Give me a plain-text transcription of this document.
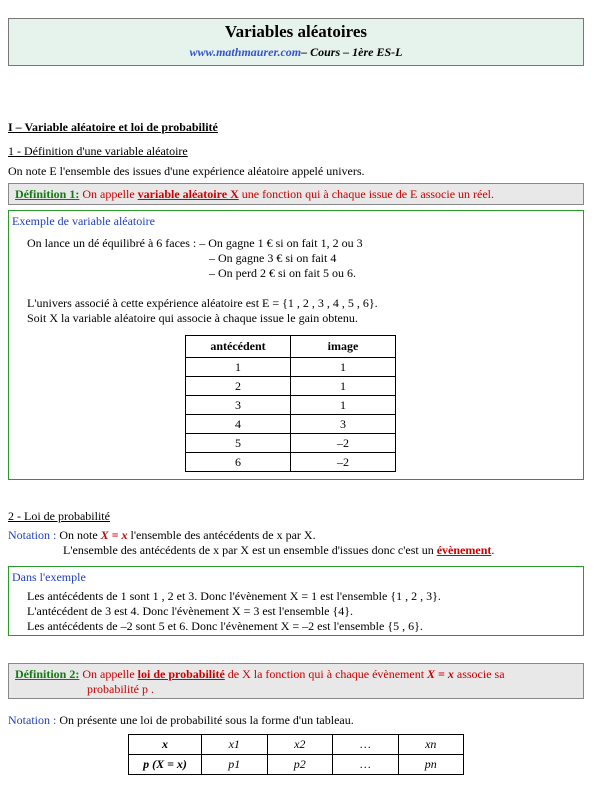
Variables aléatoires
www.mathmaurer.com– Cours – 1ère ES-L
I – Variable aléatoire et loi de probabilité
1 - Définition d'une variable aléatoire
On note E l'ensemble des issues d'une expérience aléatoire appelé univers.
Définition 1: On appelle variable aléatoire X une fonction qui à chaque issue de E associe un réel.
Exemple de variable aléatoire
On lance un dé équilibré à 6 faces : – On gagne 1 € si on fait 1, 2 ou 3
– On gagne 3 € si on fait 4
– On perd 2 € si on fait 5 ou 6.
L'univers associé à cette expérience aléatoire est E = {1 , 2 , 3 , 4 , 5 , 6}.
Soit X la variable aléatoire qui associe à chaque issue le gain obtenu.
antécédent	image
1	1
2	1
3	1
4	3
5	–2
6	–2
2 - Loi de probabilité
Notation : On note X = x l'ensemble des antécédents de x par X.
L'ensemble des antécédents de x par X est un ensemble d'issues donc c'est un évènement.
Dans l'exemple
Les antécédents de 1 sont 1 , 2 et 3. Donc l'évènement X = 1 est l'ensemble {1 , 2 , 3}.
L'antécédent de 3 est 4. Donc l'évènement X = 3 est l'ensemble {4}.
Les antécédents de –2 sont 5 et 6. Donc l'évènement X = –2 est l'ensemble {5 , 6}.
Définition 2: On appelle loi de probabilité de X la fonction qui à chaque évènement X = x associe sa
probabilité p .
Notation : On présente une loi de probabilité sous la forme d'un tableau.
x	x1	x2	…	xn
p (X = x)	p1	p2	…	pn
